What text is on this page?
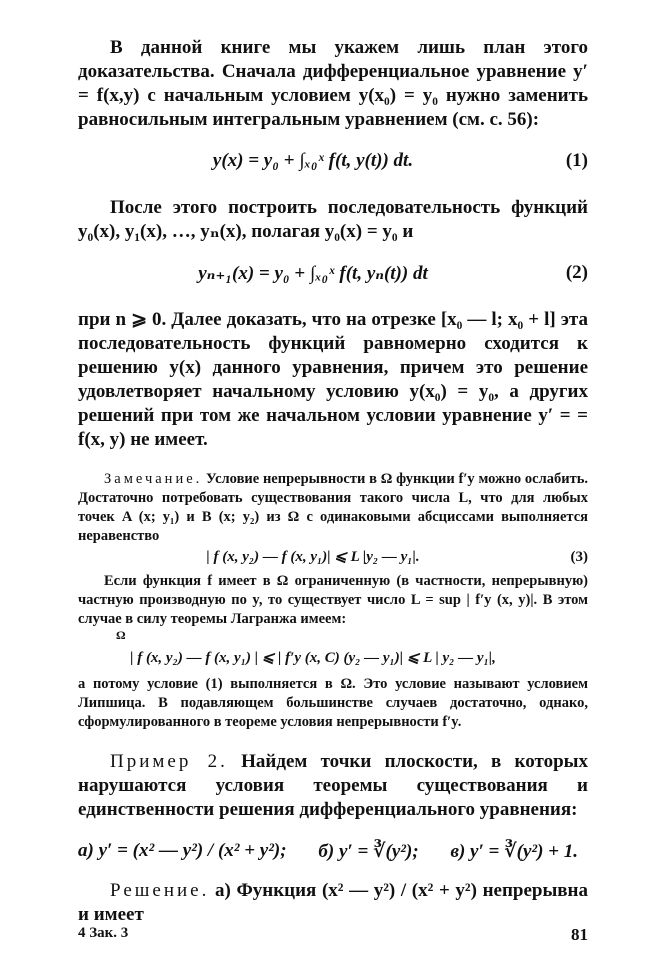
В данной книге мы укажем лишь план этого доказательства. Сначала дифференциальное уравнение y′ = f(x,y) с начальным условием y(x₀) = y₀ нужно заменить равносильным интегральным уравнением (см. с. 56):

y(x) = y₀ + ∫ₓ₀ˣ f(t, y(t)) dt.	(1)

После этого построить последовательность функций y₀(x), y₁(x), …, yₙ(x), полагая y₀(x) = y₀ и

yₙ₊₁(x) = y₀ + ∫ₓ₀ˣ f(t, yₙ(t)) dt	(2)

при n ⩾ 0. Далее доказать, что на отрезке [x₀ — l; x₀ + l] эта последовательность функций равномерно сходится к решению y(x) данного уравнения, причем это решение удовлетворяет начальному условию y(x₀) = y₀, а других решений при том же начальном условии уравнение y′ = = f(x, y) не имеет.

Замечание. Условие непрерывности в Ω функции f′y можно ослабить. Достаточно потребовать существования такого числа L, что для любых точек A (x; y₁) и B (x; y₂) из Ω с одинаковыми абсциссами выполняется неравенство

| f (x, y₂) — f (x, y₁)| ⩽ L |y₂ — y₁|.	(3)

Если функция f имеет в Ω ограниченную (в частности, непрерывную) частную производную по y, то существует число L = sup | f′y (x, y)|. В этом случае в силу теоремы Лагранжа имеем:

Ω
| f (x, y₂) — f (x, y₁) | ⩽ | f′y (x, C) (y₂ — y₁)| ⩽ L | y₂ — y₁|,

а потому условие (1) выполняется в Ω. Это условие называют условием Липшица. В подавляющем большинстве случаев достаточно, однако, сформулированного в теореме условия непрерывности f′y.

Пример 2. Найдем точки плоскости, в которых нарушаются условия теоремы существования и единственности решения дифференциального уравнения:

а) y′ = (x² — y²) / (x² + y²); б) y′ = ∛(y²); в) y′ = ∛(y²) + 1.

Решение. а) Функция (x² — y²) / (x² + y²) непрерывна и имеет

4 Зак. 3	81
